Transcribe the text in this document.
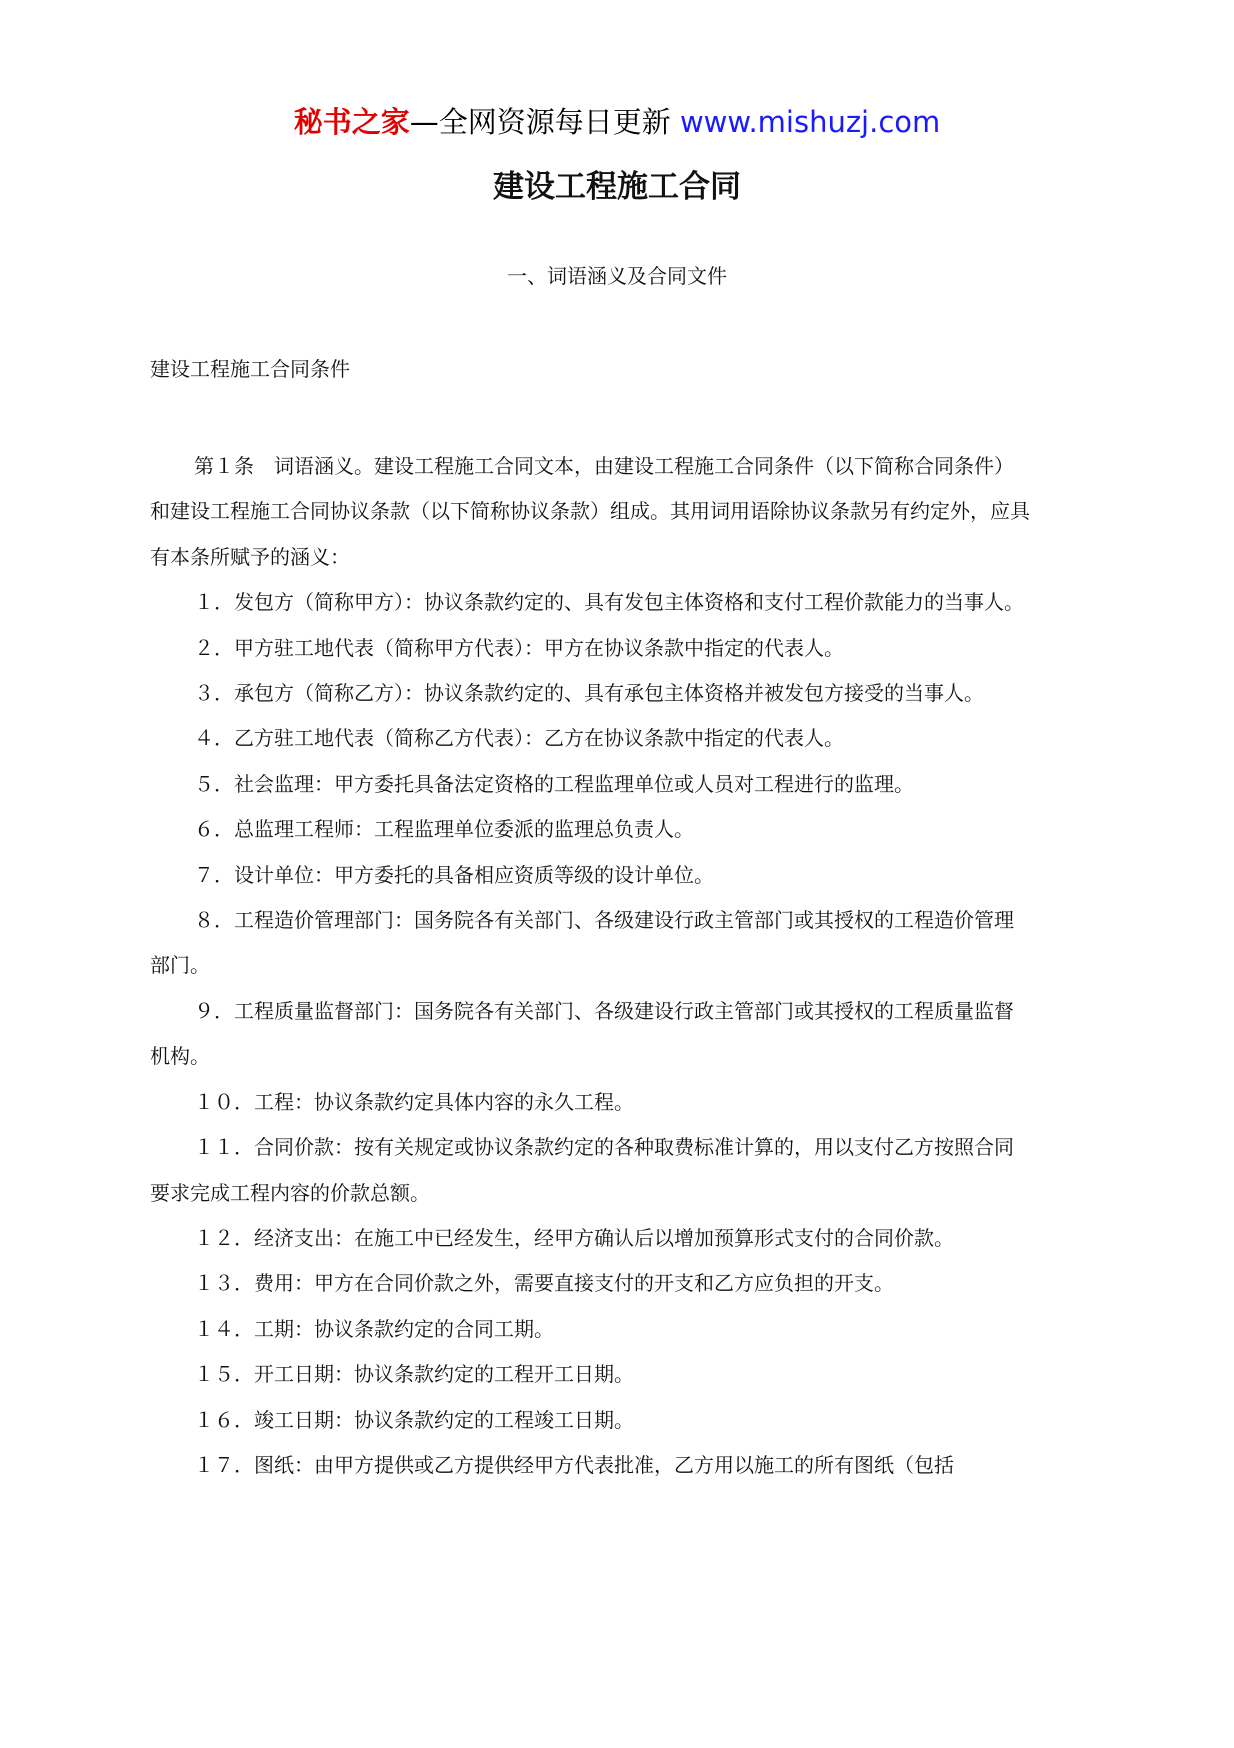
秘书之家—全网资源每日更新 www.mishuzj.com
建设工程施工合同
一、词语涵义及合同文件
建设工程施工合同条件

第１条　词语涵义。建设工程施工合同文本，由建设工程施工合同条件（以下简称合同条件）和建设工程施工合同协议条款（以下简称协议条款）组成。其用词用语除协议条款另有约定外，应具有本条所赋予的涵义：

１．发包方（简称甲方）：协议条款约定的、具有发包主体资格和支付工程价款能力的当事人。

２．甲方驻工地代表（简称甲方代表）：甲方在协议条款中指定的代表人。

３．承包方（简称乙方）：协议条款约定的、具有承包主体资格并被发包方接受的当事人。

４．乙方驻工地代表（简称乙方代表）：乙方在协议条款中指定的代表人。

５．社会监理：甲方委托具备法定资格的工程监理单位或人员对工程进行的监理。

６．总监理工程师：工程监理单位委派的监理总负责人。

７．设计单位：甲方委托的具备相应资质等级的设计单位。

８．工程造价管理部门：国务院各有关部门、各级建设行政主管部门或其授权的工程造价管理部门。

９．工程质量监督部门：国务院各有关部门、各级建设行政主管部门或其授权的工程质量监督机构。

１０．工程：协议条款约定具体内容的永久工程。

１１．合同价款：按有关规定或协议条款约定的各种取费标准计算的，用以支付乙方按照合同要求完成工程内容的价款总额。

１２．经济支出：在施工中已经发生，经甲方确认后以增加预算形式支付的合同价款。

１３．费用：甲方在合同价款之外，需要直接支付的开支和乙方应负担的开支。

１４．工期：协议条款约定的合同工期。

１５．开工日期：协议条款约定的工程开工日期。

１６．竣工日期：协议条款约定的工程竣工日期。

１７．图纸：由甲方提供或乙方提供经甲方代表批准，乙方用以施工的所有图纸（包括
